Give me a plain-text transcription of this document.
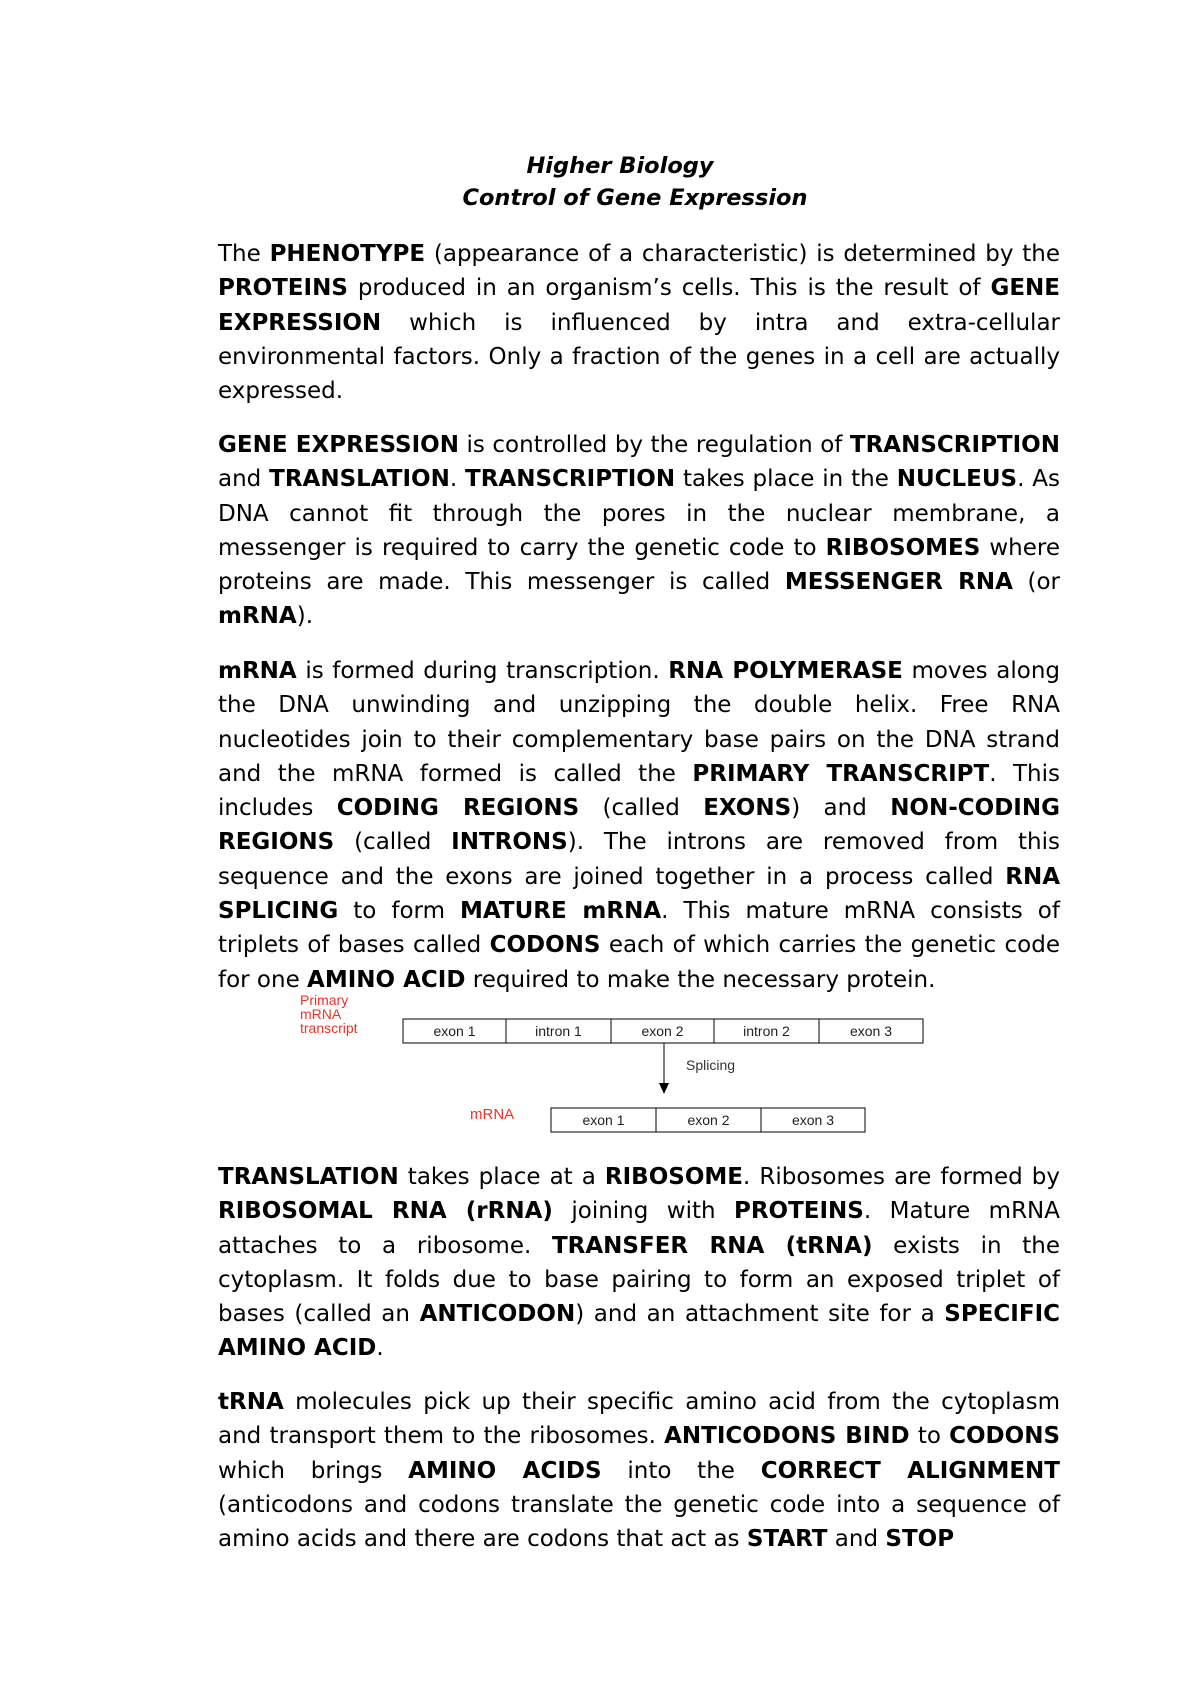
Higher Biology
Control of Gene Expression

The PHENOTYPE (appearance of a characteristic) is determined by the PROTEINS produced in an organism’s cells. This is the result of GENE EXPRESSION which is influenced by intra and extra-cellular environmental factors. Only a fraction of the genes in a cell are actually expressed.

GENE EXPRESSION is controlled by the regulation of TRANSCRIPTION and TRANSLATION. TRANSCRIPTION takes place in the NUCLEUS. As DNA cannot fit through the pores in the nuclear membrane, a messenger is required to carry the genetic code to RIBOSOMES where proteins are made. This messenger is called MESSENGER RNA (or mRNA).

mRNA is formed during transcription. RNA POLYMERASE moves along the DNA unwinding and unzipping the double helix. Free RNA nucleotides join to their complementary base pairs on the DNA strand and the mRNA formed is called the PRIMARY TRANSCRIPT. This includes CODING REGIONS (called EXONS) and NON-CODING REGIONS (called INTRONS). The introns are removed from this sequence and the exons are joined together in a process called RNA SPLICING to form MATURE mRNA. This mature mRNA consists of triplets of bases called CODONS each of which carries the genetic code for one AMINO ACID required to make the necessary protein.

Primary
mRNA
transcript	exon 1	intron 1	exon 2	intron 2	exon 3
Splicing
mRNA	exon 1	exon 2	exon 3

TRANSLATION takes place at a RIBOSOME. Ribosomes are formed by RIBOSOMAL RNA (rRNA) joining with PROTEINS. Mature mRNA attaches to a ribosome. TRANSFER RNA (tRNA) exists in the cytoplasm. It folds due to base pairing to form an exposed triplet of bases (called an ANTICODON) and an attachment site for a SPECIFIC AMINO ACID.

tRNA molecules pick up their specific amino acid from the cytoplasm and transport them to the ribosomes. ANTICODONS BIND to CODONS which brings AMINO ACIDS into the CORRECT ALIGNMENT (anticodons and codons translate the genetic code into a sequence of amino acids and there are codons that act as START and STOP
